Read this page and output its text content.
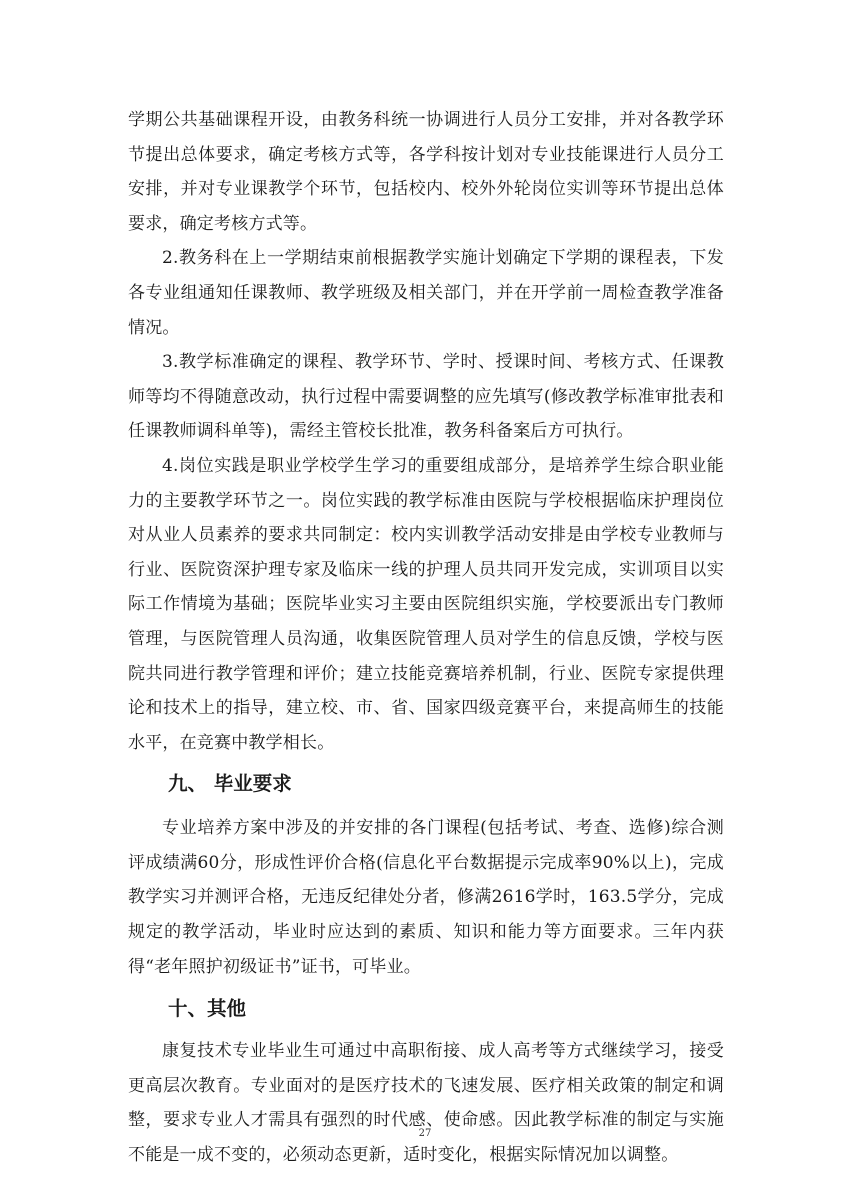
学期公共基础课程开设，由教务科统一协调进行人员分工安排，并对各教学环节提出总体要求，确定考核方式等，各学科按计划对专业技能课进行人员分工安排，并对专业课教学个环节，包括校内、校外外轮岗位实训等环节提出总体要求，确定考核方式等。

2.教务科在上一学期结束前根据教学实施计划确定下学期的课程表，下发各专业组通知任课教师、教学班级及相关部门，并在开学前一周检查教学准备情况。

3.教学标准确定的课程、教学环节、学时、授课时间、考核方式、任课教师等均不得随意改动，执行过程中需要调整的应先填写(修改教学标准审批表和任课教师调科单等)，需经主管校长批准，教务科备案后方可执行。

4.岗位实践是职业学校学生学习的重要组成部分，是培养学生综合职业能力的主要教学环节之一。岗位实践的教学标准由医院与学校根据临床护理岗位对从业人员素养的要求共同制定：校内实训教学活动安排是由学校专业教师与行业、医院资深护理专家及临床一线的护理人员共同开发完成，实训项目以实际工作情境为基础；医院毕业实习主要由医院组织实施，学校要派出专门教师管理，与医院管理人员沟通，收集医院管理人员对学生的信息反馈，学校与医院共同进行教学管理和评价；建立技能竞赛培养机制，行业、医院专家提供理论和技术上的指导，建立校、市、省、国家四级竞赛平台，来提高师生的技能水平，在竞赛中教学相长。

九、 毕业要求

专业培养方案中涉及的并安排的各门课程(包括考试、考查、选修)综合测评成绩满60分，形成性评价合格(信息化平台数据提示完成率90%以上)，完成教学实习并测评合格，无违反纪律处分者，修满2616学时，163.5学分，完成规定的教学活动，毕业时应达到的素质、知识和能力等方面要求。三年内获得“老年照护初级证书”证书，可毕业。

十、其他

康复技术专业毕业生可通过中高职衔接、成人高考等方式继续学习，接受更高层次教育。专业面对的是医疗技术的飞速发展、医疗相关政策的制定和调整，要求专业人才需具有强烈的时代感、使命感。因此教学标准的制定与实施不能是一成不变的，必须动态更新，适时变化，根据实际情况加以调整。

27
